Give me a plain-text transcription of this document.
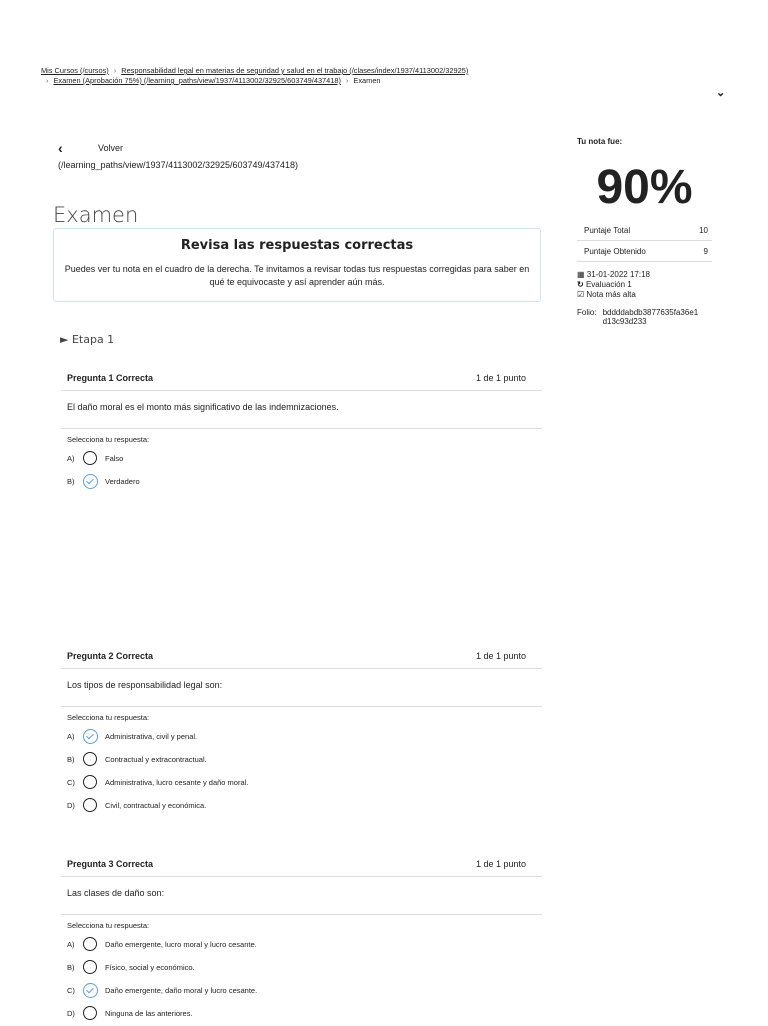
Mis Cursos (/cursos) › Responsabilidad legal en materias de seguridad y salud en el trabajo (/clases/index/1937/4113002/32925)
› Examen (Aprobación 75%) (/learning_paths/view/1937/4113002/32925/603749/437418) › Examen
⌄
‹	Volver
(/learning_paths/view/1937/4113002/32925/603749/437418)
Examen
Revisa las respuestas correctas

Puedes ver tu nota en el cuadro de la derecha. Te invitamos a revisar todas tus respuestas corregidas para saber en qué te equivocaste y así aprender aún más.

► Etapa 1
Pregunta 1 Correcta	1 de 1 punto
El daño moral es el monto más significativo de las indemnizaciones.
Selecciona tu respuesta:
A)	Falso
B)	Verdadero
Pregunta 2 Correcta	1 de 1 punto
Los tipos de responsabilidad legal son:
Selecciona tu respuesta:
A)	Administrativa, civil y penal.
B)	Contractual y extracontractual.
C)	Administrativa, lucro cesante y daño moral.
D)	Civil, contractual y económica.
Pregunta 3 Correcta	1 de 1 punto
Las clases de daño son:
Selecciona tu respuesta:
A)	Daño emergente, lucro moral y lucro cesante.
B)	Físico, social y económico.
C)	Daño emergente, daño moral y lucro cesante.
D)	Ninguna de las anteriores.
Tu nota fue:
90%
Puntaje Total	10
Puntaje Obtenido	9
▦ 31-01-2022 17:18
↻ Evaluación 1
☑ Nota más alta
Folio: bddddabdb3877635fa36e1d13c93d233
